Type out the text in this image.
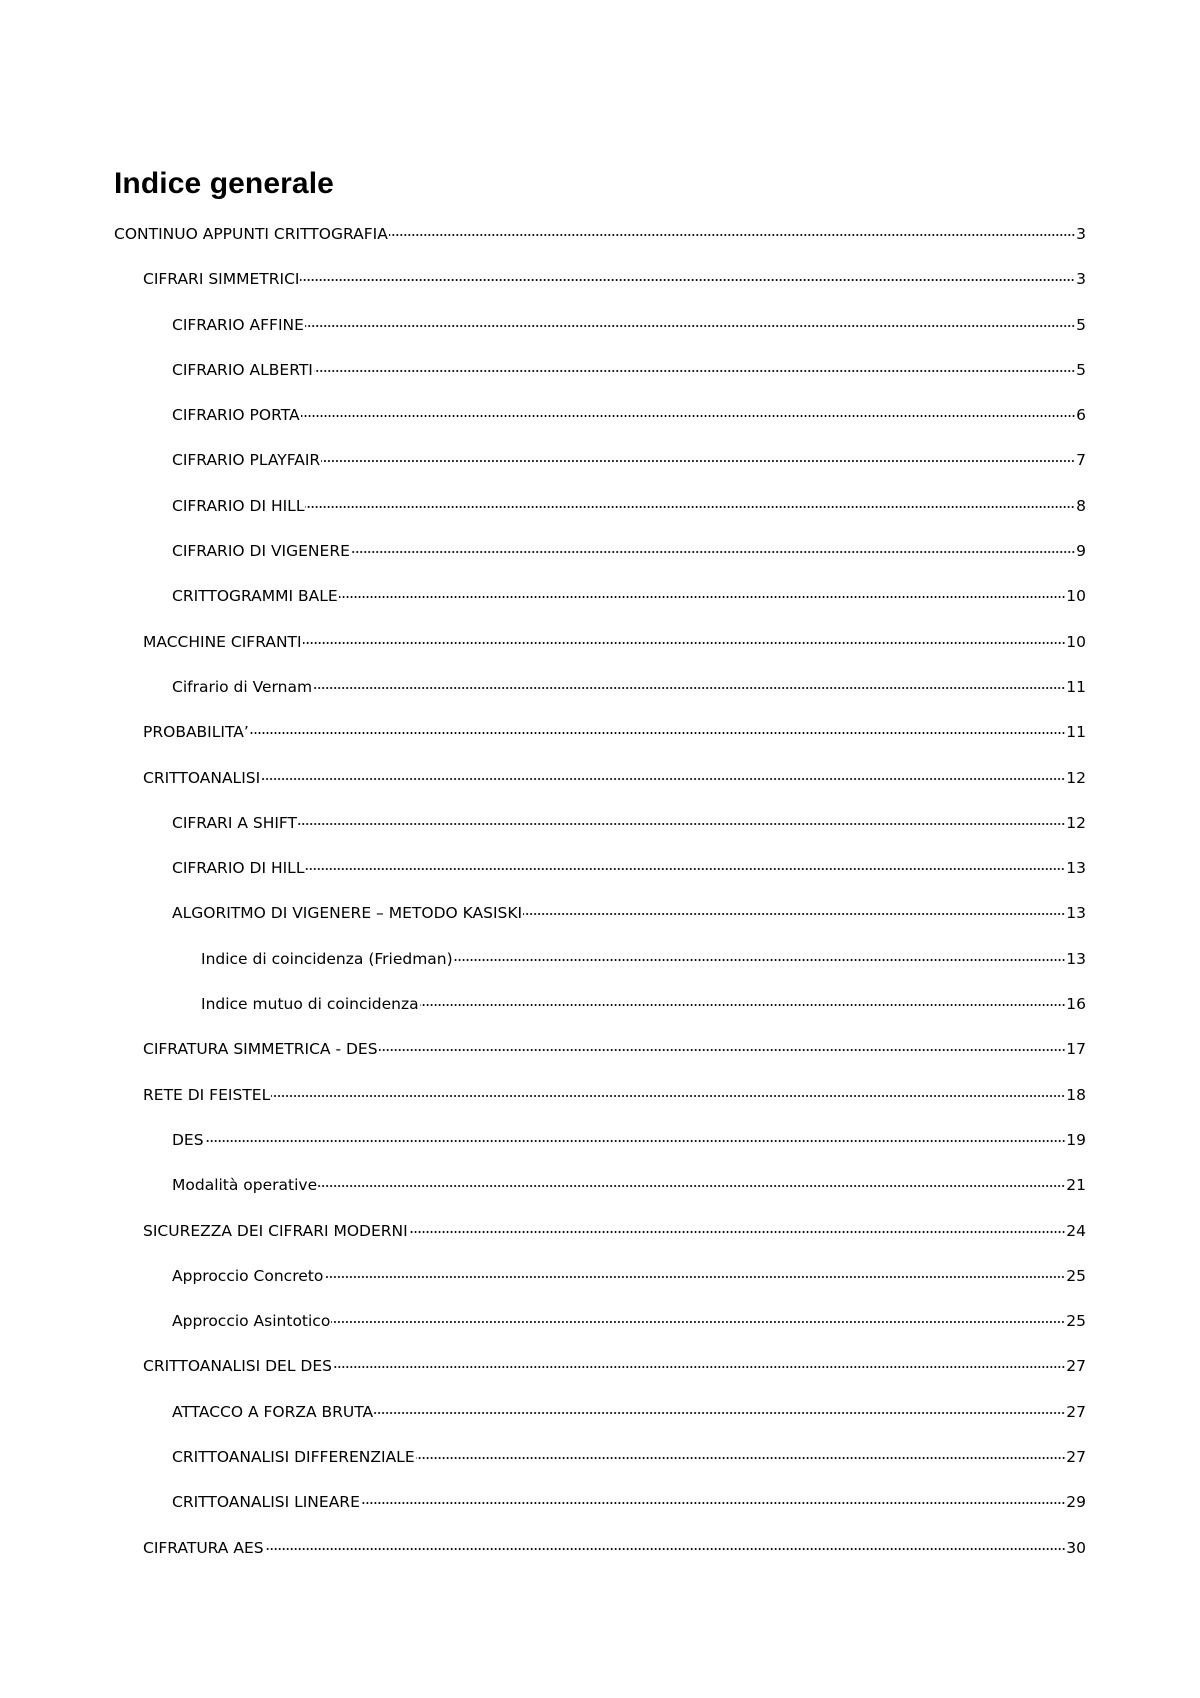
Indice generale
CONTINUO APPUNTI CRITTOGRAFIA	3
CIFRARI SIMMETRICI	3
CIFRARIO AFFINE	5
CIFRARIO ALBERTI	5
CIFRARIO PORTA	6
CIFRARIO PLAYFAIR	7
CIFRARIO DI HILL	8
CIFRARIO DI VIGENERE	9
CRITTOGRAMMI BALE	10
MACCHINE CIFRANTI	10
Cifrario di Vernam	11
PROBABILITA’	11
CRITTOANALISI	12
CIFRARI A SHIFT	12
CIFRARIO DI HILL	13
ALGORITMO DI VIGENERE – METODO KASISKI	13
Indice di coincidenza (Friedman)	13
Indice mutuo di coincidenza	16
CIFRATURA SIMMETRICA - DES	17
RETE DI FEISTEL	18
DES	19
Modalità operative	21
SICUREZZA DEI CIFRARI MODERNI	24
Approccio Concreto	25
Approccio Asintotico	25
CRITTOANALISI DEL DES	27
ATTACCO A FORZA BRUTA	27
CRITTOANALISI DIFFERENZIALE	27
CRITTOANALISI LINEARE	29
CIFRATURA AES	30
